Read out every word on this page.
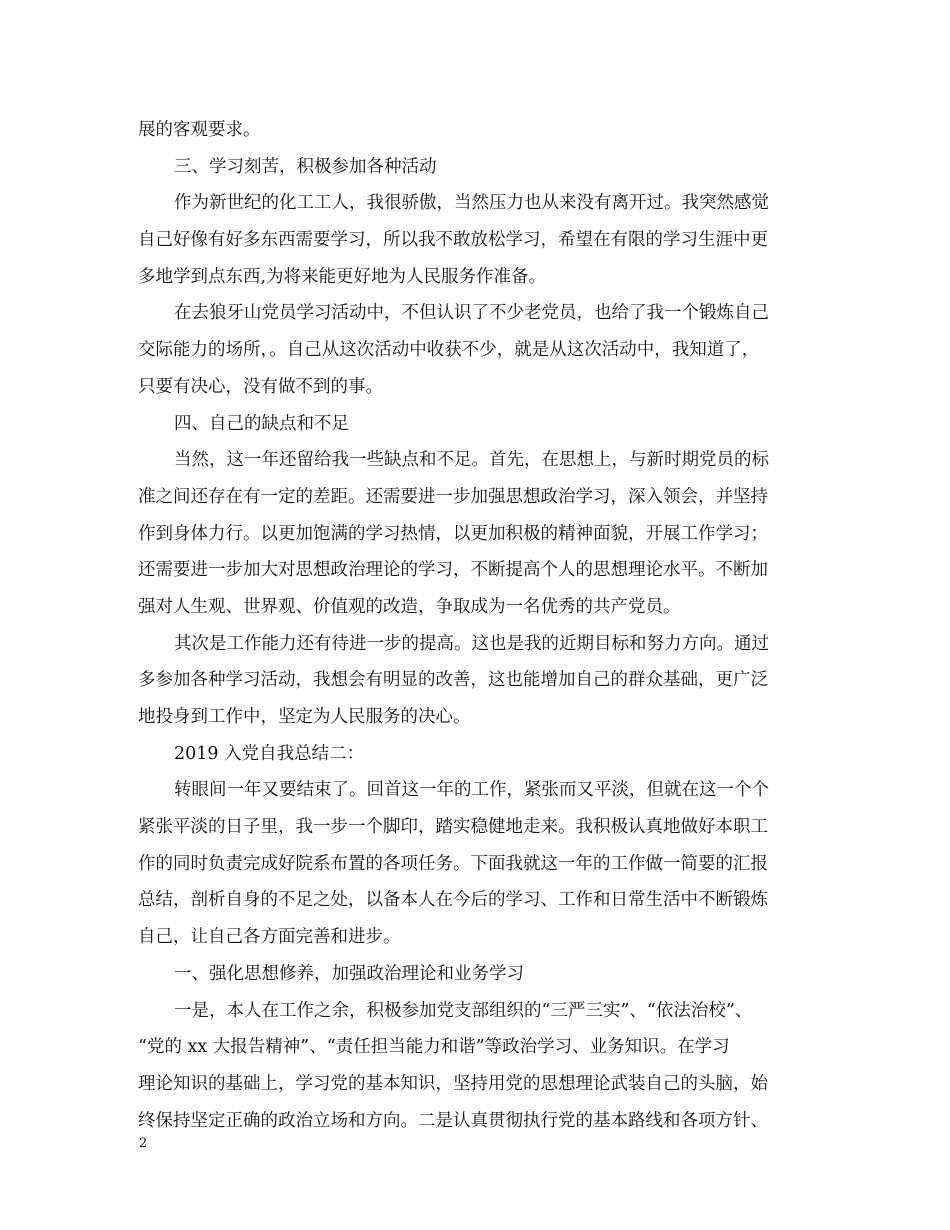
展的客观要求。
三、学习刻苦，积极参加各种活动
作为新世纪的化工工人，我很骄傲，当然压力也从来没有离开过。我突然感觉
自己好像有好多东西需要学习，所以我不敢放松学习，希望在有限的学习生涯中更
多地学到点东西,为将来能更好地为人民服务作准备。
在去狼牙山党员学习活动中，不但认识了不少老党员，也给了我一个锻炼自己
交际能力的场所，。自己从这次活动中收获不少，就是从这次活动中，我知道了，
只要有决心，没有做不到的事。
四、自己的缺点和不足
当然，这一年还留给我一些缺点和不足。首先，在思想上，与新时期党员的标
准之间还存在有一定的差距。还需要进一步加强思想政治学习，深入领会，并坚持
作到身体力行。以更加饱满的学习热情，以更加积极的精神面貌，开展工作学习；
还需要进一步加大对思想政治理论的学习，不断提高个人的思想理论水平。不断加
强对人生观、世界观、价值观的改造，争取成为一名优秀的共产党员。
其次是工作能力还有待进一步的提高。这也是我的近期目标和努力方向。通过
多参加各种学习活动，我想会有明显的改善，这也能增加自己的群众基础，更广泛
地投身到工作中，坚定为人民服务的决心。
2019 入党自我总结二：
转眼间一年又要结束了。回首这一年的工作，紧张而又平淡，但就在这一个个
紧张平淡的日子里，我一步一个脚印，踏实稳健地走来。我积极认真地做好本职工
作的同时负责完成好院系布置的各项任务。下面我就这一年的工作做一简要的汇报
总结，剖析自身的不足之处，以备本人在今后的学习、工作和日常生活中不断锻炼
自己，让自己各方面完善和进步。
一、强化思想修养，加强政治理论和业务学习
一是，本人在工作之余，积极参加党支部组织的“三严三实”、“依法治校”、
“党的 xx 大报告精神”、“责任担当能力和谐”等政治学习、业务知识。在学习
理论知识的基础上，学习党的基本知识，坚持用党的思想理论武装自己的头脑，始
终保持坚定正确的政治立场和方向。二是认真贯彻执行党的基本路线和各项方针、
2
